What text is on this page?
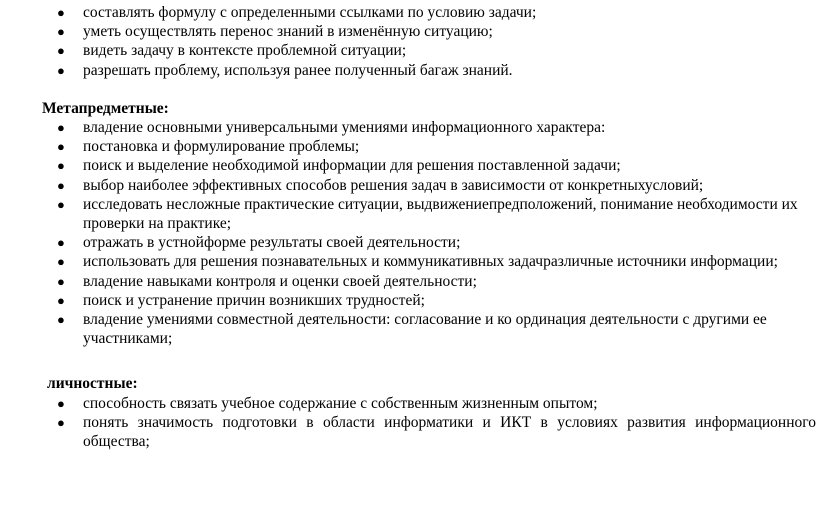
● составлять формулу с определенными ссылками по условию задачи;
● уметь осуществлять перенос знаний в изменённую ситуацию;
● видеть задачу в контексте проблемной ситуации;
● разрешать проблему, используя ранее полученный багаж знаний.
Метапредметные:
● владение основными универсальными умениями информационного характера:
● постановка и формулирование проблемы;
● поиск и выделение необходимой информации для решения поставленной задачи;
● выбор наиболее эффективных способов решения задач в зависимости от конкретныхусловий;
● исследовать несложные практические ситуации, выдвижениепредположений, понимание необходимости их проверки на практике;
● отражать в устнойформе результаты своей деятельности;
● использовать для решения познавательных и коммуникативных задачразличные источники информации;
● владение навыками контроля и оценки своей деятельности;
● поиск и устранение причин возникших трудностей;
● владение умениями совместной деятельности: согласование и ко ординация деятельности с другими ее участниками;
личностные:
● способность связать учебное содержание с собственным жизненным опытом;
● понять значимость подготовки в области информатики и ИКТ в условиях развития информационного общества;
